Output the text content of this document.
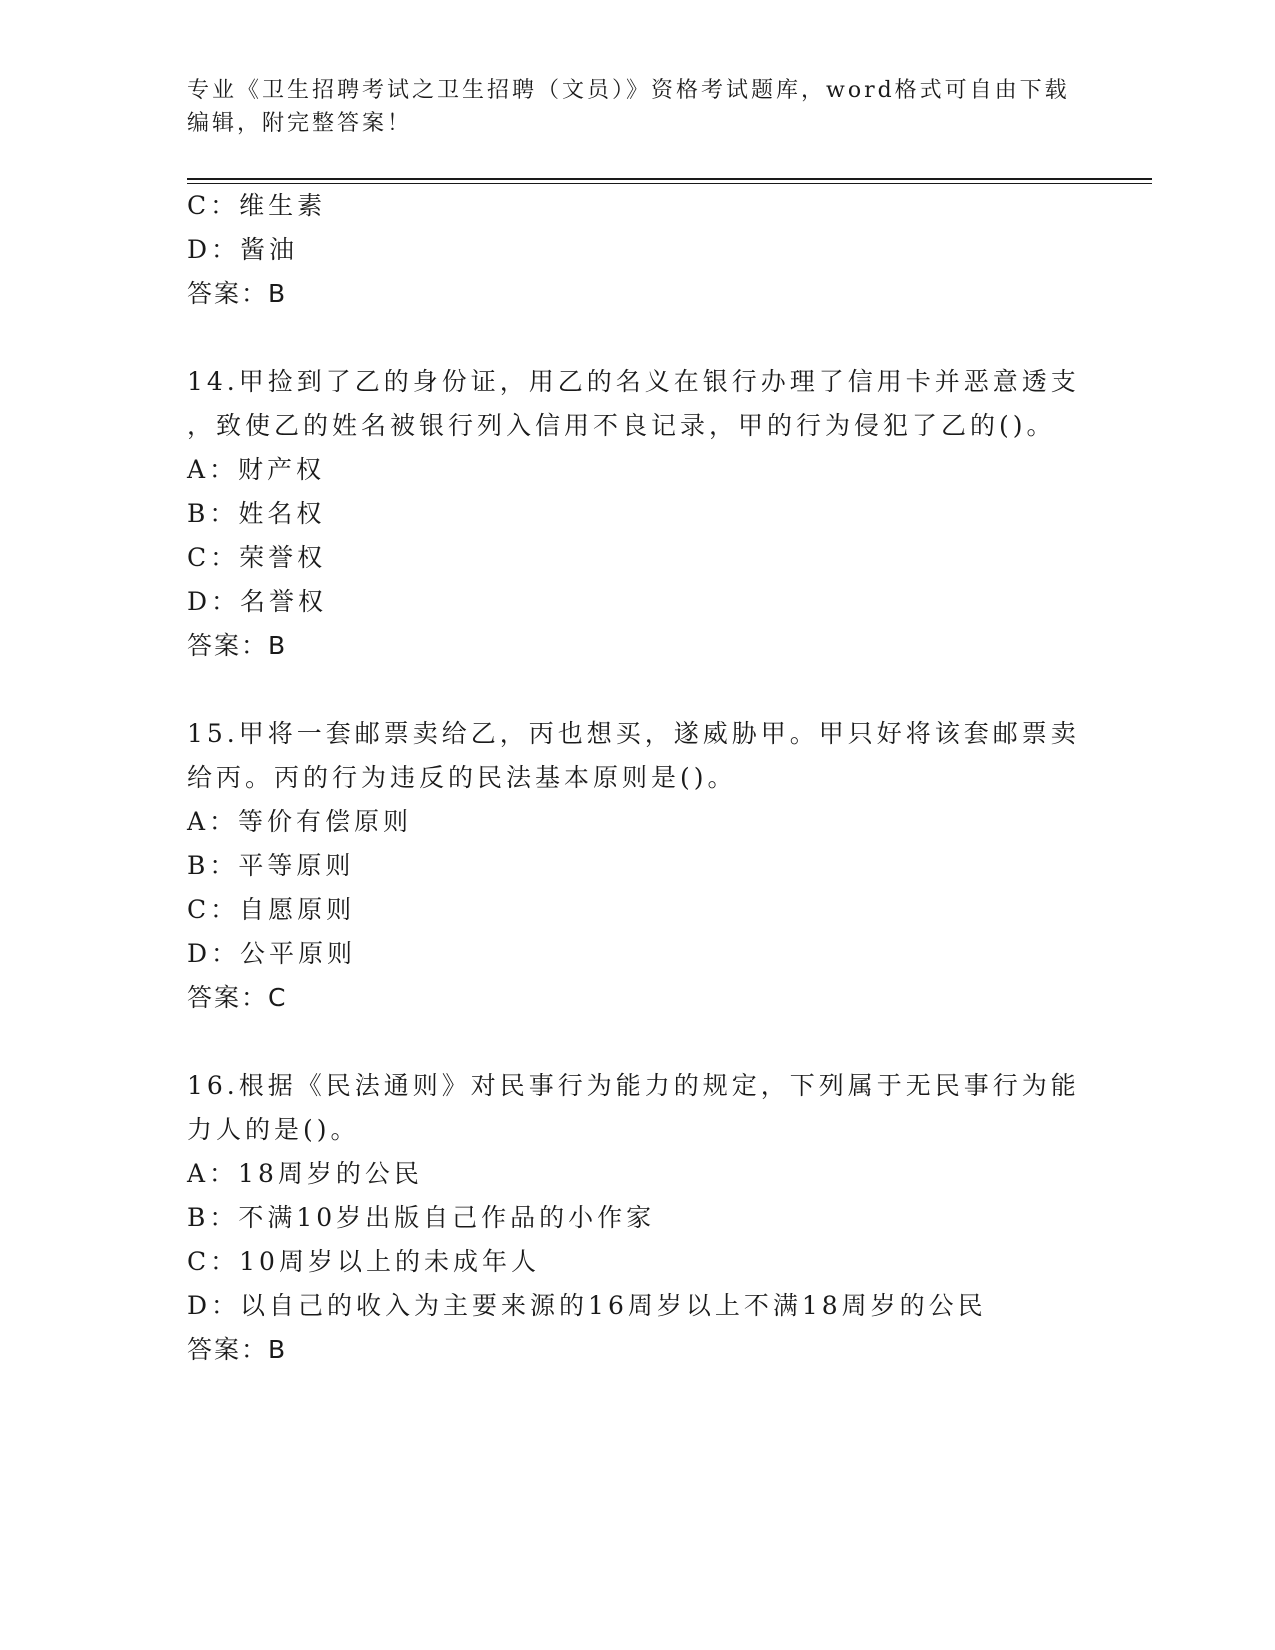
专业《卫生招聘考试之卫生招聘（文员）》资格考试题库，word格式可自由下载
编辑，附完整答案！
C：维生素
D：酱油
答案：B
14.甲捡到了乙的身份证，用乙的名义在银行办理了信用卡并恶意透支
，致使乙的姓名被银行列入信用不良记录，甲的行为侵犯了乙的()。
A：财产权
B：姓名权
C：荣誉权
D：名誉权
答案：B
15.甲将一套邮票卖给乙，丙也想买，遂威胁甲。甲只好将该套邮票卖
给丙。丙的行为违反的民法基本原则是()。
A：等价有偿原则
B：平等原则
C：自愿原则
D：公平原则
答案：C
16.根据《民法通则》对民事行为能力的规定，下列属于无民事行为能
力人的是()。
A：18周岁的公民
B：不满10岁出版自己作品的小作家
C：10周岁以上的未成年人
D：以自己的收入为主要来源的16周岁以上不满18周岁的公民
答案：B
